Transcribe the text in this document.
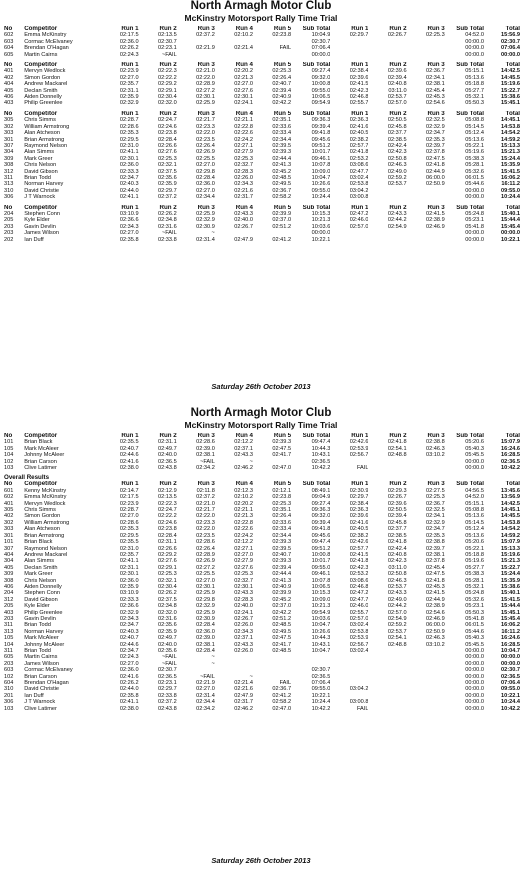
North Armagh Motor Club
McKinstry Motorsport Rally Time Trial
No	Competitor	Run 1	Run 2	Run 3	Run 4	Run 5	Sub Total	Run 1	Run 2	Run 3	Sub Total	Total
602	Emma McKinstry	02:17.5	02:13.5	02:37.2	02:10.2	02:23.8	10:04.9	02:29.7	02:26.7	02:25.3	04:52.0	15:56.9
603	Cormac McElvaney	02:36.0	02:30.7				02:30.7				00:00.0	02:30.7
604	Brendan O'Hagan	02:26.2	02:23.1	02:21.9	02:21.4	FAIL	07:06.4				00:00.0	07:06.4
605	Martin Cairns	02:24.3	~FAIL				00:00.0				00:00.0	00:00.0
No	Competitor	Run 1	Run 2	Run 3	Run 4	Run 5	Sub Total	Run 1	Run 2	Run 3	Sub Total	Total
401	Mervyn Wedlock	02:23.9	02:22.3	02:21.0	02:20.2	02:25.3	09:27.4	02:38.4	02:39.6	02:36.7	05:15.1	14:42.5
402	Simon Gordon	02:27.0	02:22.2	02:22.0	02:21.3	02:26.4	09:32.0	02:39.6	02:39.4	02:34.1	05:13.6	14:45.5
404	Andrew Mackarel	02:35.7	02:29.2	02:28.9	02:27.0	02:40.7	10:00.8	02:41.5	02:40.8	02:38.1	05:18.8	15:19.6
405	Declan Smith	02:31.1	02:29.1	02:27.2	02:27.6	02:39.4	09:55.0	02:42.3	03:11.0	02:45.4	05:27.7	15:22.7
406	Aiden Donnelly	02:35.9	02:30.4	02:30.1	02:30.1	02:40.9	10:06.5	02:46.8	02:53.7	02:45.3	05:32.1	15:38.6
403	Philip Greenlee	02:32.9	02:32.0	02:25.9	02:24.1	02:42.2	09:54.9	02:55.7	02:57.0	02:54.6	05:50.3	15:45.1
No	Competitor	Run 1	Run 2	Run 3	Run 4	Run 5	Sub Total	Run 1	Run 2	Run 3	Sub Total	Total
305	Chris Simms	02:28.7	02:24.7	02:21.7	02:21.1	02:35.1	09:36.3	02:36.3	02:50.5	02:32.5	05:08.8	14:45.1
302	William Armstrong	02:28.6	02:24.6	02:23.3	02:22.8	02:33.6	09:39.4	02:41.6	02:45.8	02:32.9	05:14.5	14:53.8
303	Alan Atcheson	02:35.3	02:23.8	02:22.0	02:22.6	02:33.4	09:41.8	02:40.5	02:37.7	02:34.7	05:12.4	14:54.2
301	Brian Armstrong	02:29.5	02:28.4	02:23.5	02:24.2	02:34.4	09:45.6	02:38.2	02:38.5	02:35.3	05:13.6	14:59.2
307	Raymond Nelson	02:31.0	02:26.6	02:26.4	02:27.1	02:39.5	09:51.2	02:57.7	02:42.4	02:39.7	05:22.1	15:13.3
304	Alan Simms	02:41.1	02:27.6	02:26.9	02:27.9	02:39.3	10:01.7	02:41.8	02:42.3	02:37.8	05:19.6	15:21.3
309	Mark Greer	02:30.1	02:25.3	02:25.5	02:25.3	02:44.4	09:46.1	02:53.2	02:50.8	02:47.5	05:38.3	15:24.4
308	Chris Nelson	02:36.0	02:32.1	02:27.0	02:32.7	02:41.3	10:07.8	03:08.6	02:46.3	02:41.8	05:28.1	15:35.9
312	David Gibson	02:33.3	02:37.5	02:29.8	02:28.3	02:45.2	10:09.0	02:47.7	02:49.0	02:44.9	05:32.6	15:41.5
311	Brian Todd	02:34.7	02:35.6	02:28.4	02:26.0	02:48.5	10:04.7	03:02.4	02:59.2	06:00.0	06:01.5	16:06.2
313	Norman Harvey	02:40.3	02:35.9	02:36.0	02:34.3	02:49.5	10:26.6	02:53.8	02:53.7	02:50.9	05:44.6	16:11.2
310	David Christie	02:44.0	02:29.7	02:27.0	02:21.6	02:36.7	09:55.0	03:04.2			00:00.0	09:55.0
306	J T Warnock	02:41.1	02:37.2	02:34.4	02:31.7	02:58.2	10:24.4	03:00.8			00:00.0	10:24.4
No	Competitor	Run 1	Run 2	Run 3	Run 4	Run 5	Sub Total	Run 1	Run 2	Run 3	Sub Total	Total
204	Stephen Conn	03:10.9	02:26.2	02:25.9	02:43.3	02:39.9	10:15.3	02:47.2	02:43.3	02:41.5	05:24.8	15:40.1
205	Kyle Elder	02:36.6	02:34.8	02:32.9	02:40.0	02:37.0	10:21.3	02:46.0	02:44.2	02:38.9	05:23.1	15:44.4
203	Gavin Devlin	02:34.3	02:31.6	02:30.9	02:26.7	02:51.2	10:03.6	02:57.0	02:54.9	02:46.9	05:41.8	15:45.4
203	James Wilson	02:27.0	~FAIL	~			00:00.0				00:00.0	00:00.0
202	Ian Duff	02:35.8	02:33.8	02:31.4	02:47.9	02:41.2	10:22.1				00:00.0	10:22.1
Saturday 26th October 2013
North Armagh Motor Club
McKinstry Motorsport Rally Time Trial
No	Competitor	Run 1	Run 2	Run 3	Run 4	Run 5	Sub Total	Run 1	Run 2	Run 3	Sub Total	Total
101	Brian Black	02:35.5	02:31.1	02:28.6	02:12.2	02:39.3	09:47.4	02:42.6	02:41.8	02:38.8	05:20.6	15:07.9
105	Mark McAleer	02:40.7	02:49.7	02:39.0	02:37.1	02:47.5	10:44.3	02:53.9	02:54.1	02:46.3	05:40.3	16:24.6
104	Johnny McAleer	02:44.6	02:40.0	02:38.1	02:43.3	02:41.7	10:43.1	02:56.7	02:48.8	03:10.2	05:45.5	16:28.5
102	Brian Carson	02:41.6	02:36.5	~FAIL	~		02:36.5				00:00.0	02:36.5
103	Clive Latimer	02:38.0	02:43.8	02:34.2	02:46.2	02:47.0	10:42.2	FAIL			00:00.0	10:42.2
Overall Results
No	Competitor	Run 1	Run 2	Run 3	Run 4	Run 5	Sub Total	Run 1	Run 2	Run 3	Sub Total	Total
601	Kenny McKinstry	02:14.7	02:12.9	02:11.8	02:12.3	02:12.1	08:49.1	02:30.9	02:29.3	02:27.5	04:56.5	13:45.6
602	Emma McKinstry	02:17.5	02:13.5	02:37.2	02:10.2	02:23.8	09:04.9	02:29.7	02:26.7	02:25.3	04:52.0	13:56.9
401	Mervyn Wedlock	02:23.9	02:22.3	02:21.0	02:20.2	02:25.3	09:27.4	02:38.4	02:39.6	02:36.7	05:15.1	14:42.5
305	Chris Simms	02:28.7	02:24.7	02:21.7	02:21.1	02:35.1	09:36.3	02:36.3	02:50.5	02:32.5	05:08.8	14:45.1
402	Simon Gordon	02:27.0	02:22.2	02:22.0	02:21.3	02:26.4	09:32.0	02:39.6	02:39.4	02:34.1	05:13.6	14:45.5
302	William Armstrong	02:28.6	02:24.6	02:23.3	02:22.8	02:33.6	09:39.4	02:41.6	02:45.8	02:32.9	05:14.5	14:53.8
303	Alan Atcheson	02:35.3	02:23.8	02:22.0	02:22.6	02:33.4	09:41.8	02:40.5	02:37.7	02:34.7	05:12.4	14:54.2
301	Brian Armstrong	02:29.5	02:28.4	02:23.5	02:24.2	02:34.4	09:45.6	02:38.2	02:38.5	02:35.3	05:13.6	14:59.2
101	Brian Black	02:35.5	02:31.1	02:28.6	02:12.2	02:39.3	09:47.4	02:42.6	02:41.8	02:38.8	05:20.6	15:07.9
307	Raymond Nelson	02:31.0	02:26.6	02:26.4	02:27.1	02:39.5	09:51.2	02:57.7	02:42.4	02:39.7	05:22.1	15:13.3
404	Andrew Mackarel	02:35.7	02:29.2	02:28.9	02:27.0	02:40.7	10:00.8	02:41.5	02:40.8	02:38.1	05:18.8	15:19.6
304	Alan Simms	02:41.1	02:27.6	02:26.9	02:27.9	02:39.3	10:01.7	02:41.8	02:42.3	02:37.8	05:19.6	15:21.3
405	Declan Smith	02:31.1	02:29.1	02:27.2	02:27.6	02:39.4	09:55.0	02:42.3	03:11.0	02:45.4	05:27.7	15:22.7
309	Mark Greer	02:30.1	02:25.3	02:25.5	02:25.3	02:44.4	09:46.1	02:53.2	02:50.8	02:47.5	05:38.3	15:24.4
308	Chris Nelson	02:36.0	02:32.1	02:27.0	02:32.7	02:41.3	10:07.8	03:08.6	02:46.3	02:41.8	05:28.1	15:35.9
406	Aiden Donnelly	02:35.9	02:30.4	02:30.1	02:30.1	02:40.9	10:06.5	02:46.8	02:53.7	02:45.3	05:32.1	15:38.6
204	Stephen Conn	03:10.9	02:26.2	02:25.9	02:43.3	02:39.9	10:15.3	02:47.2	02:43.3	02:41.5	05:24.8	15:40.1
312	David Gibson	02:33.3	02:37.5	02:29.8	02:28.3	02:45.2	10:09.0	02:47.7	02:49.0	02:44.9	05:32.6	15:41.5
205	Kyle Elder	02:36.6	02:34.8	02:32.9	02:40.0	02:37.0	10:21.3	02:46.0	02:44.2	02:38.9	05:23.1	15:44.4
403	Philip Greenlee	02:32.9	02:32.0	02:25.9	02:24.1	02:42.2	09:54.9	02:55.7	02:57.0	02:54.6	05:50.3	15:45.1
203	Gavin Devlin	02:34.3	02:31.6	02:30.9	02:26.7	02:51.2	10:03.6	02:57.0	02:54.9	02:46.9	05:41.8	15:45.4
311	Brian Todd	02:34.7	02:35.6	02:28.4	02:26.0	02:48.5	10:04.7	03:02.4	02:59.2	06:00.0	06:01.5	16:06.2
313	Norman Harvey	02:40.3	02:35.9	02:36.0	02:34.3	02:49.5	10:26.6	02:53.8	02:53.7	02:50.9	05:44.6	16:11.2
105	Mark McAleer	02:40.7	02:49.7	02:39.0	02:37.1	02:47.5	10:44.3	02:53.9	02:54.1	02:46.3	05:40.3	16:24.6
104	Johnny McAleer	02:44.6	02:40.0	02:38.1	02:43.3	02:41.7	10:43.1	02:56.7	02:48.8	03:10.2	05:45.5	16:28.5
311	Brian Todd	02:34.7	02:35.6	02:28.4	02:26.0	02:48.5	10:04.7	03:02.4			00:00.0	10:04.7
605	Martin Cairns	02:24.3	~FAIL	~							00:00.0	00:00.0
203	James Wilson	02:27.0	~FAIL	~							00:00.0	00:00.0
603	Cormac McElvaney	02:36.0	02:30.7				02:30.7				00:00.0	02:30.7
102	Brian Carson	02:41.6	02:36.5	~FAIL	~		02:36.5				00:00.0	02:36.5
604	Brendan O'Hagan	02:26.2	02:23.1	02:21.9	02:21.4	FAIL	07:06.4				00:00.0	07:06.4
310	David Christie	02:44.0	02:29.7	02:27.0	02:21.6	02:36.7	09:55.0	03:04.2			00:00.0	09:55.0
201	Ian Duff	02:35.8	02:33.8	02:31.4	02:47.9	02:41.2	10:22.1				00:00.0	10:22.1
306	J T Warnock	02:41.1	02:37.2	02:34.4	02:31.7	02:58.2	10:24.4	03:00.8			00:00.0	10:24.4
103	Clive Latimer	02:38.0	02:43.8	02:34.2	02:46.2	02:47.0	10:42.2	FAIL			00:00.0	10:42.2
Saturday 26th October 2013
